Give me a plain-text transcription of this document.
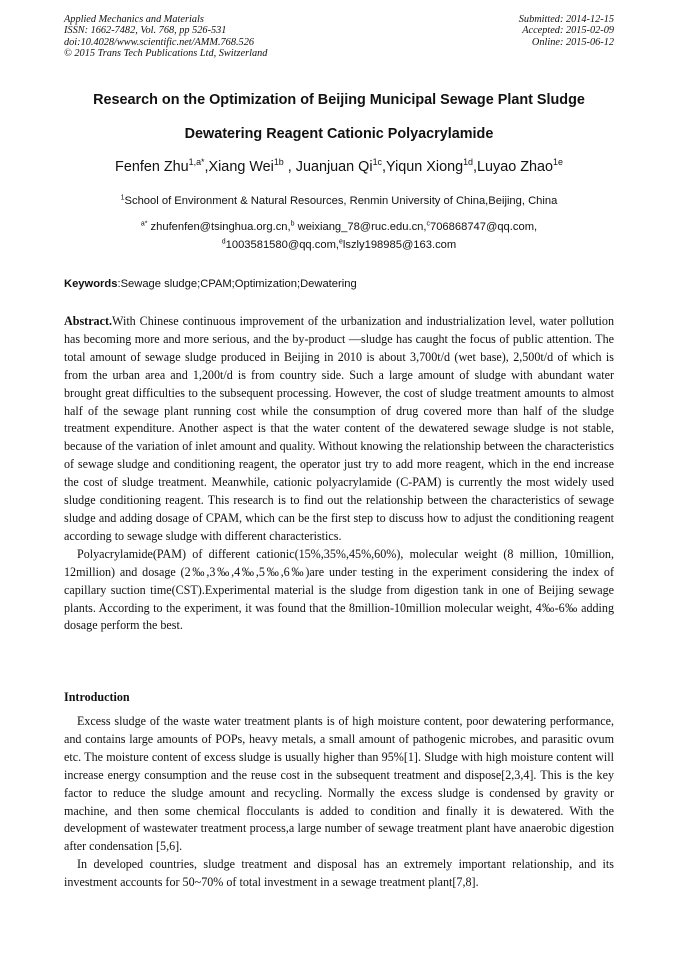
Applied Mechanics and Materials
ISSN: 1662-7482, Vol. 768, pp 526-531
doi:10.4028/www.scientific.net/AMM.768.526
© 2015 Trans Tech Publications Ltd, Switzerland
Submitted: 2014-12-15
Accepted: 2015-02-09
Online: 2015-06-12
Research on the Optimization of Beijing Municipal Sewage Plant Sludge
Dewatering Reagent Cationic Polyacrylamide
Fenfen Zhu$^{1,a*}$,Xiang Wei$^{1b}$ , Juanjuan $Qi^{1c},Yiqun$ Xiong$^{1d}$,Luyao Zhao$^{1e}$
$^1$School of Environment & Natural Resources, Renmin University of China,Beijing, China
$^{a*}$ zhufenfen@tsinghua.org.cn,$^b$ weixiang_78@ruc.edu.cn,$^c$706868747@qq.com,
$^d$1003581580@qq.com,$^e$lszly198985@163.com
Keywords:Sewage sludge;CPAM;Optimization;Dewatering

Abstract.With Chinese continuous improvement of the urbanization and industrialization level, water pollution has becoming more and more serious, and the by-product —sludge has caught the focus of public attention. The total amount of sewage sludge produced in Beijing in 2010 is about 3,700t/d (wet base), 2,500t/d of which is from the urban area and 1,200t/d is from country side. Such a large amount of sludge with abundant water brought great difficulties to the subsequent processing. However, the cost of sludge treatment amounts to almost half of the sewage plant running cost while the consumption of drug covered more than half of the sludge treatment expenditure. Another aspect is that the water content of the dewatered sewage sludge is not stable, because of the variation of inlet amount and quality. Without knowing the relationship between the characteristics of sewage sludge and conditioning reagent, the operator just try to add more reagent, which in the end increase the cost of sludge treatment. Meanwhile, cationic polyacrylamide (C-PAM) is currently the most widely used sludge conditioning reagent. This research is to find out the relationship between the characteristics of sewage sludge and adding dosage of CPAM, which can be the first step to discuss how to adjust the conditioning reagent according to sewage sludge with different characteristics.

Polyacrylamide(PAM) of different cationic(15%,35%,45%,60%), molecular weight (8 million, 10million, 12million) and dosage (2‰,3‰,4‰,5‰,6‰)are under testing in the experiment considering the index of capillary suction time(CST).Experimental material is the sludge from digestion tank in one of Beijing sewage plants. According to the experiment, it was found that the 8million-10million molecular weight, 4‰-6‰ adding dosage perform the best.

Introduction

Excess sludge of the waste water treatment plants is of high moisture content, poor dewatering performance, and contains large amounts of POPs, heavy metals, a small amount of pathogenic microbes, and parasitic ovum etc. The moisture content of excess sludge is usually higher than 95%[1]. Sludge with high moisture content will increase energy consumption and the reuse cost in the subsequent treatment and dispose[2,3,4]. This is the key factor to reduce the sludge amount and recycling. Normally the excess sludge is condensed by gravity or machine, and then some chemical flocculants is added to condition and finally it is dewatered. With the development of wastewater treatment process,a large number of sewage treatment plant have anaerobic digestion after condensation [5,6].

In developed countries, sludge treatment and disposal has an extremely important relationship, and its investment accounts for 50~70% of total investment in a sewage treatment plant[7,8].
